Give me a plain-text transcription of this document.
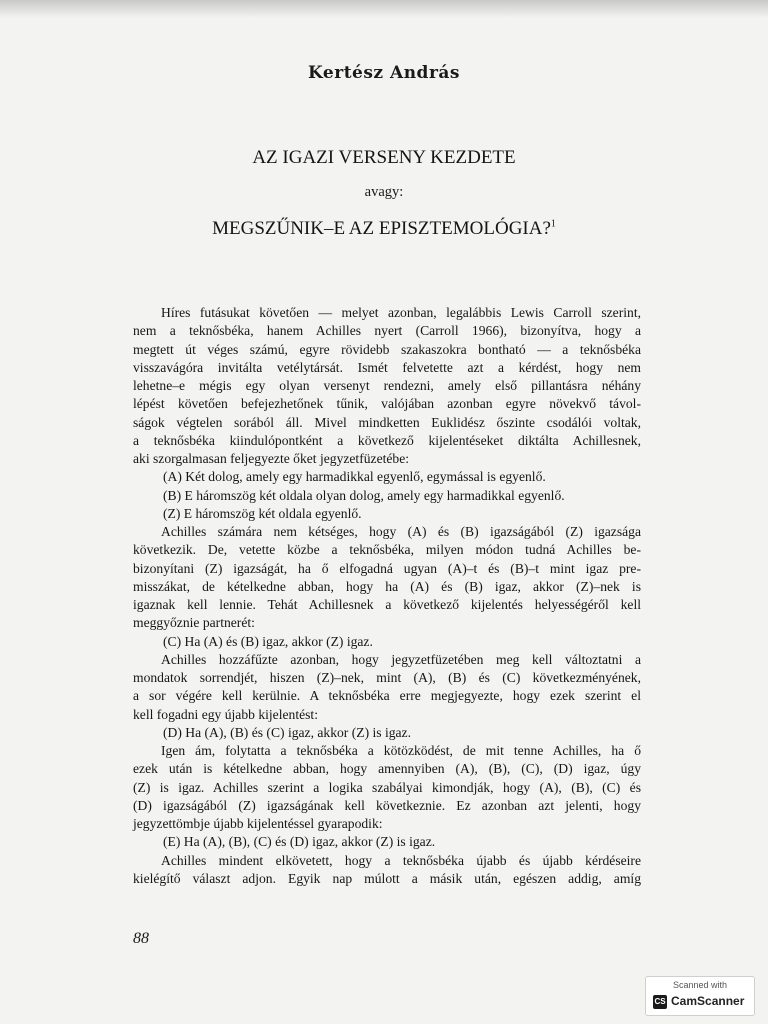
Kertész András
AZ IGAZI VERSENY KEZDETE
avagy:
MEGSZŰNIK–E AZ EPISZTEMOLÓGIA?$^1$
Híres futásukat követően — melyet azonban, legalábbis Lewis Carroll szerint,
nem a teknősbéka, hanem Achilles nyert (Carroll 1966), bizonyítva, hogy a
megtett út véges számú, egyre rövidebb szakaszokra bontható — a teknősbéka
visszavágóra invitálta vetélytársát. Ismét felvetette azt a kérdést, hogy nem
lehetne–e mégis egy olyan versenyt rendezni, amely első pillantásra néhány
lépést követően befejezhetőnek tűnik, valójában azonban egyre növekvő távol-
ságok végtelen sorából áll. Mivel mindketten Euklidész őszinte csodálói voltak,
a teknősbéka kiindulópontként a következő kijelentéseket diktálta Achillesnek,
aki szorgalmasan feljegyezte őket jegyzetfüzetébe:
(A) Két dolog, amely egy harmadikkal egyenlő, egymással is egyenlő.
(B) E háromszög két oldala olyan dolog, amely egy harmadikkal egyenlő.
(Z) E háromszög két oldala egyenlő.
Achilles számára nem kétséges, hogy (A) és (B) igazságából (Z) igazsága
következik. De, vetette közbe a teknősbéka, milyen módon tudná Achilles be-
bizonyítani (Z) igazságát, ha ő elfogadná ugyan (A)–t és (B)–t mint igaz pre-
misszákat, de kételkedne abban, hogy ha (A) és (B) igaz, akkor (Z)–nek is
igaznak kell lennie. Tehát Achillesnek a következő kijelentés helyességéről kell
meggyőznie partnerét:
(C) Ha (A) és (B) igaz, akkor (Z) igaz.
Achilles hozzáfűzte azonban, hogy jegyzetfüzetében meg kell változtatni a
mondatok sorrendjét, hiszen (Z)–nek, mint (A), (B) és (C) következményének,
a sor végére kell kerülnie. A teknősbéka erre megjegyezte, hogy ezek szerint el
kell fogadni egy újabb kijelentést:
(D) Ha (A), (B) és (C) igaz, akkor (Z) is igaz.
Igen ám, folytatta a teknősbéka a kötözködést, de mit tenne Achilles, ha ő
ezek után is kételkedne abban, hogy amennyiben (A), (B), (C), (D) igaz, úgy
(Z) is igaz. Achilles szerint a logika szabályai kimondják, hogy (A), (B), (C) és
(D) igazságából (Z) igazságának kell következnie. Ez azonban azt jelenti, hogy
jegyzettömbje újabb kijelentéssel gyarapodik:
(E) Ha (A), (B), (C) és (D) igaz, akkor (Z) is igaz.
Achilles mindent elkövetett, hogy a teknősbéka újabb és újabb kérdéseire
kielégítő választ adjon. Egyik nap múlott a másik után, egészen addig, amíg
88
Scanned with
CS CamScanner
